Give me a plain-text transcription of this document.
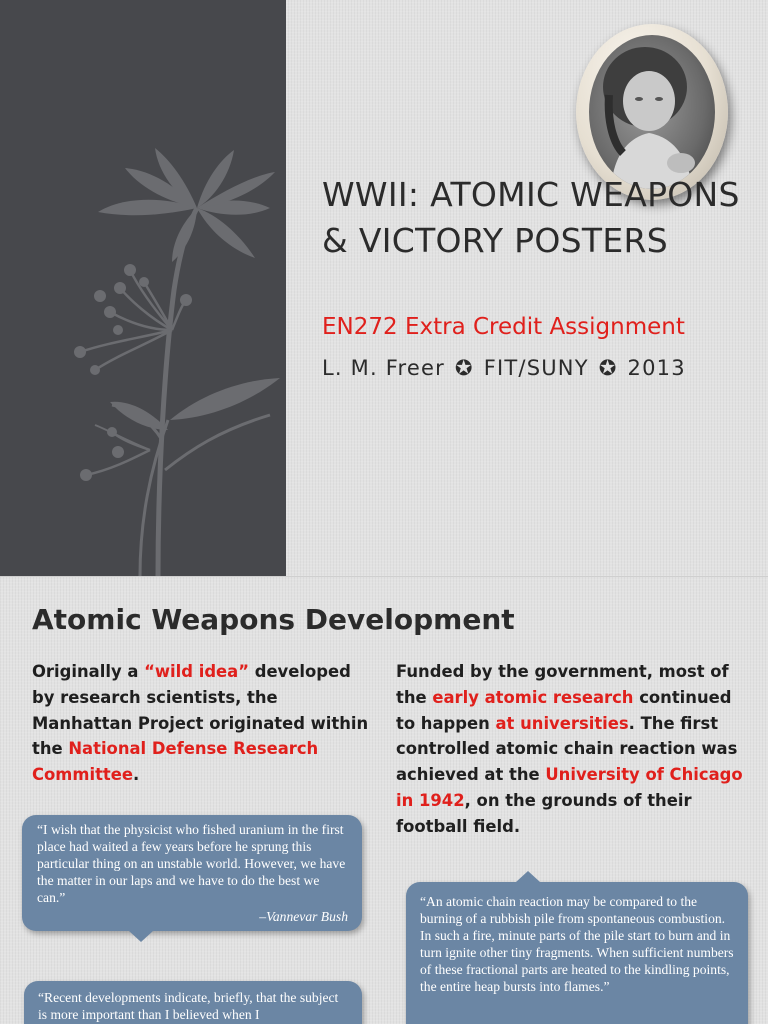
WWII: ATOMIC WEAPONS & VICTORY POSTERS
EN272 Extra Credit Assignment
L. M. Freer ✪ FIT/SUNY ✪ 2013
Atomic Weapons Development

Originally a “wild idea” developed by research scientists, the Manhattan Project originated within the National Defense Research Committee.

Funded by the government, most of the early atomic research continued to happen at universities. The first controlled atomic chain reaction was achieved at the University of Chicago in 1942, on the grounds of their football field.

“I wish that the physicist who fished uranium in the first place had waited a few years before he sprung this particular thing on an unstable world. However, we have the matter in our laps and we have to do the best we can.”

–Vannevar Bush

“An atomic chain reaction may be compared to the burning of a rubbish pile from spontaneous combustion. In such a fire, minute parts of the pile start to burn and in turn ignite other tiny fragments. When sufficient numbers of these fractional parts are heated to the kindling points, the entire heap bursts into flames.”

“Recent developments indicate, briefly, that the subject is more important than I believed when I
